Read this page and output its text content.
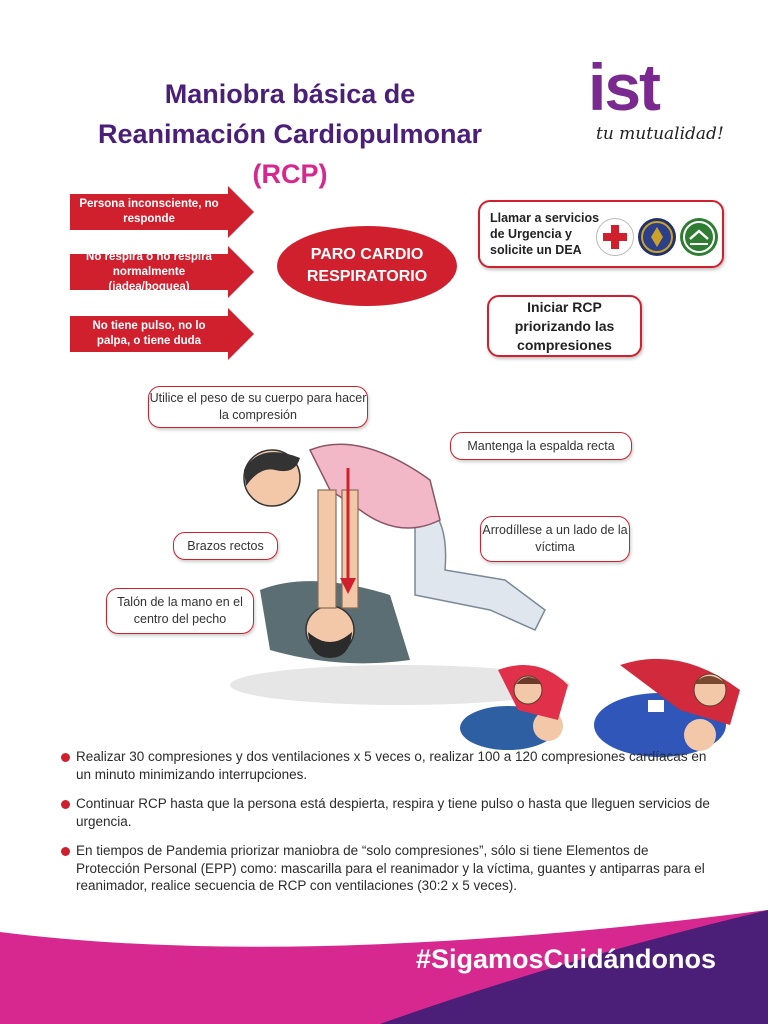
Maniobra básica de
Reanimación Cardiopulmonar (RCP)
ist
tu mutualidad!
Persona inconsciente, no responde
No respira o no respira normalmente (jadea/boquea)
No tiene pulso, no lo palpa, o tiene duda
PARO CARDIO RESPIRATORIO
Llamar a servicios de Urgencia y solicite un DEA
Iniciar RCP priorizando las compresiones
Utilice el peso de su cuerpo para hacer la compresión
Mantenga la espalda recta
Brazos rectos
Arrodíllese a un lado de la víctima
Talón de la mano en el centro del pecho
Realizar 30 compresiones y dos ventilaciones x 5 veces o, realizar 100 a 120 compresiones cardíacas en un minuto minimizando interrupciones.
Continuar RCP hasta que la persona está despierta, respira y tiene pulso o hasta que lleguen servicios de urgencia.
En tiempos de Pandemia priorizar maniobra de “solo compresiones”, sólo si tiene Elementos de Protección Personal (EPP) como: mascarilla para el reanimador y la víctima, guantes y antiparras para el reanimador, realice secuencia de RCP con ventilaciones (30:2 x 5 veces).
#SigamosCuidándonos
